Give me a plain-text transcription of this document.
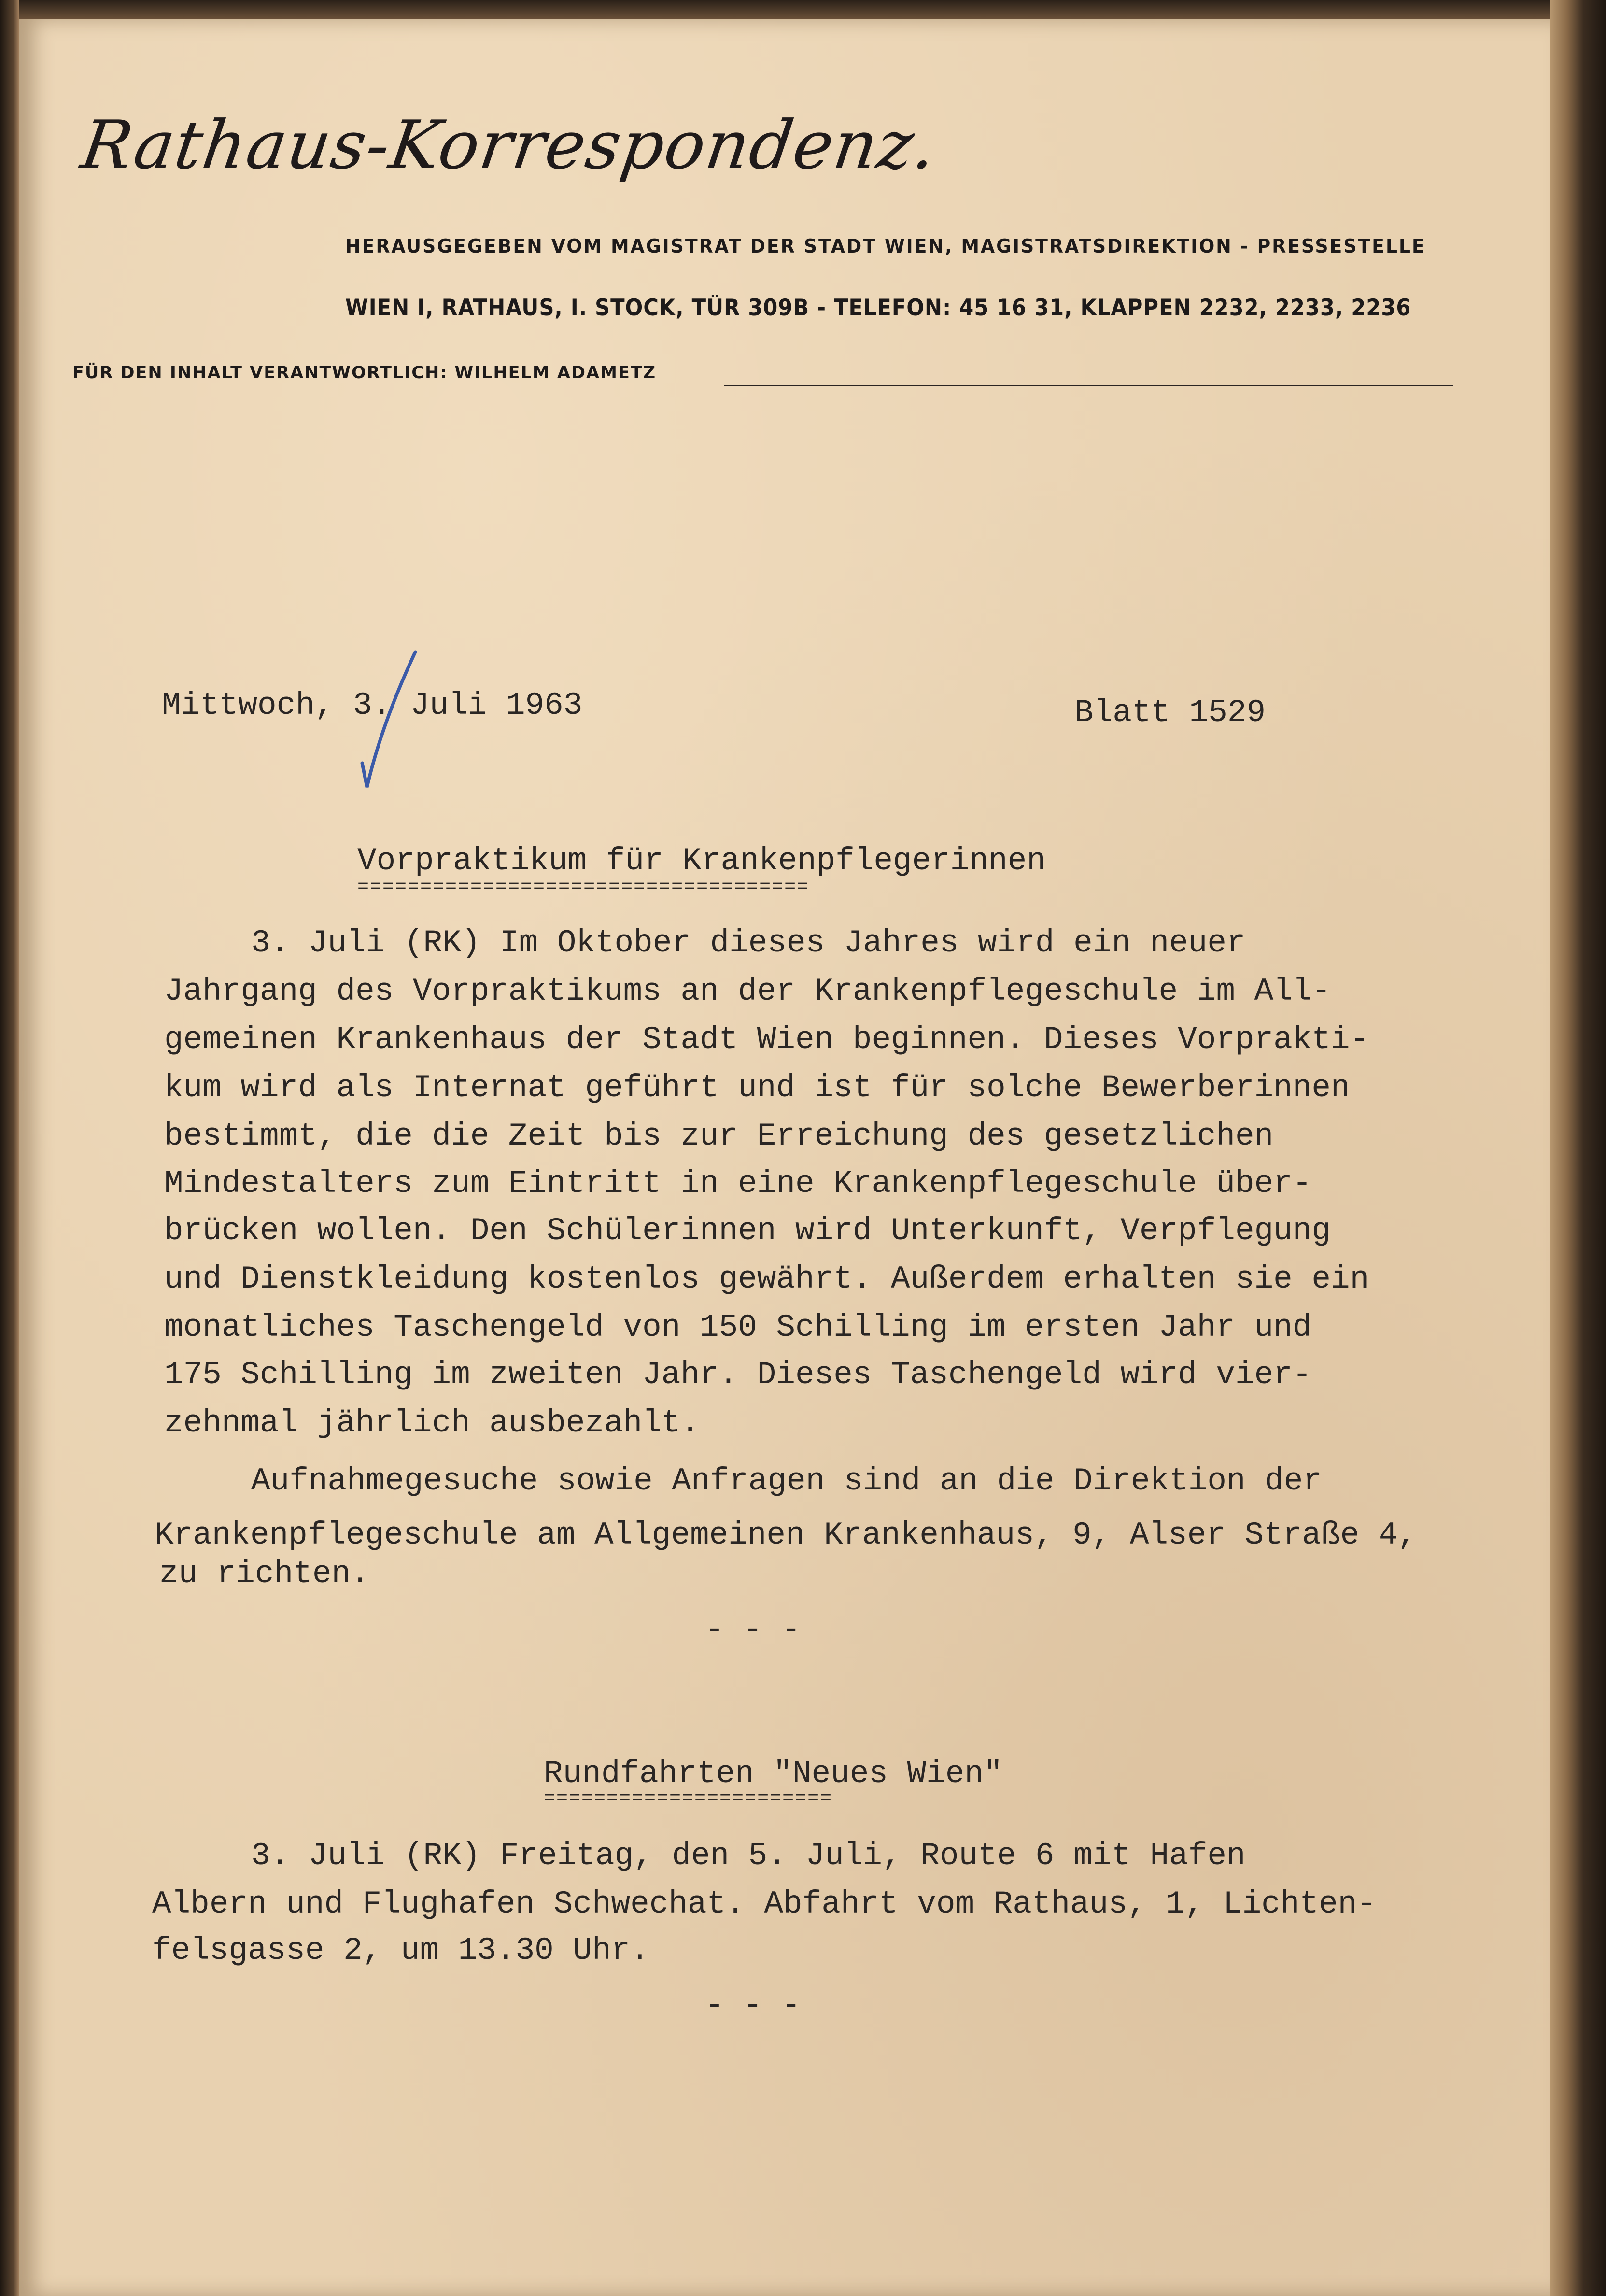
Rathaus-Korrespondenz.
HERAUSGEGEBEN VOM MAGISTRAT DER STADT WIEN, MAGISTRATSDIREKTION - PRESSESTELLE
WIEN I, RATHAUS, I. STOCK, TÜR 309B - TELEFON: 45 16 31, KLAPPEN 2232, 2233, 2236
FÜR DEN INHALT VERANTWORTLICH: WILHELM ADAMETZ
Mittwoch, 3. Juli 1963	Blatt 1529
Vorpraktikum für Krankenpflegerinnen
====================================
3. Juli (RK) Im Oktober dieses Jahres wird ein neuer
Jahrgang des Vorpraktikums an der Krankenpflegeschule im All-
gemeinen Krankenhaus der Stadt Wien beginnen. Dieses Vorprakti-
kum wird als Internat geführt und ist für solche Bewerberinnen
bestimmt, die die Zeit bis zur Erreichung des gesetzlichen
Mindestalters zum Eintritt in eine Krankenpflegeschule über-
brücken wollen. Den Schülerinnen wird Unterkunft, Verpflegung
und Dienstkleidung kostenlos gewährt. Außerdem erhalten sie ein
monatliches Taschengeld von 150 Schilling im ersten Jahr und
175 Schilling im zweiten Jahr. Dieses Taschengeld wird vier-
zehnmal jährlich ausbezahlt.
Aufnahmegesuche sowie Anfragen sind an die Direktion der
Krankenpflegeschule am Allgemeinen Krankenhaus, 9, Alser Straße 4,
zu richten.
- - -
Rundfahrten "Neues Wien"
=======================
3. Juli (RK) Freitag, den 5. Juli, Route 6 mit Hafen
Albern und Flughafen Schwechat. Abfahrt vom Rathaus, 1, Lichten-
felsgasse 2, um 13.30 Uhr.
- - -
